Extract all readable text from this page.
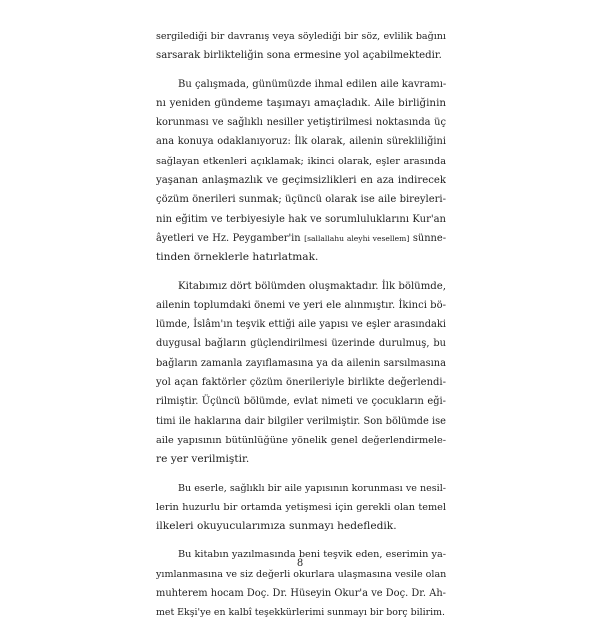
sergilediği bir davranış veya söylediği bir söz, evlilik bağını
sarsarak birlikteliğin sona ermesine yol açabilmektedir.
Bu çalışmada, günümüzde ihmal edilen aile kavramı-
nı yeniden gündeme taşımayı amaçladık. Aile birliğinin
korunması ve sağlıklı nesiller yetiştirilmesi noktasında üç
ana konuya odaklanıyoruz: İlk olarak, ailenin sürekliliğini
sağlayan etkenleri açıklamak; ikinci olarak, eşler arasında
yaşanan anlaşmazlık ve geçimsizlikleri en aza indirecek
çözüm önerileri sunmak; üçüncü olarak ise aile bireyleri-
nin eğitim ve terbiyesiyle hak ve sorumluluklarını Kur'an
âyetleri ve Hz. Peygamber'in [sallallahu aleyhi vesellem] sünne-
tinden örneklerle hatırlatmak.
Kitabımız dört bölümden oluşmaktadır. İlk bölümde,
ailenin toplumdaki önemi ve yeri ele alınmıştır. İkinci bö-
lümde, İslâm'ın teşvik ettiği aile yapısı ve eşler arasındaki
duygusal bağların güçlendirilmesi üzerinde durulmuş, bu
bağların zamanla zayıflamasına ya da ailenin sarsılmasına
yol açan faktörler çözüm önerileriyle birlikte değerlendi-
rilmiştir. Üçüncü bölümde, evlat nimeti ve çocukların eği-
timi ile haklarına dair bilgiler verilmiştir. Son bölümde ise
aile yapısının bütünlüğüne yönelik genel değerlendirmele-
re yer verilmiştir.
Bu eserle, sağlıklı bir aile yapısının korunması ve nesil-
lerin huzurlu bir ortamda yetişmesi için gerekli olan temel
ilkeleri okuyucularımıza sunmayı hedefledik.
Bu kitabın yazılmasında beni teşvik eden, eserimin ya-
yımlanmasına ve siz değerli okurlara ulaşmasına vesile olan
muhterem hocam Doç. Dr. Hüseyin Okur'a ve Doç. Dr. Ah-
met Ekşi'ye en kalbî teşekkürlerimi sunmayı bir borç bilirim.
8
